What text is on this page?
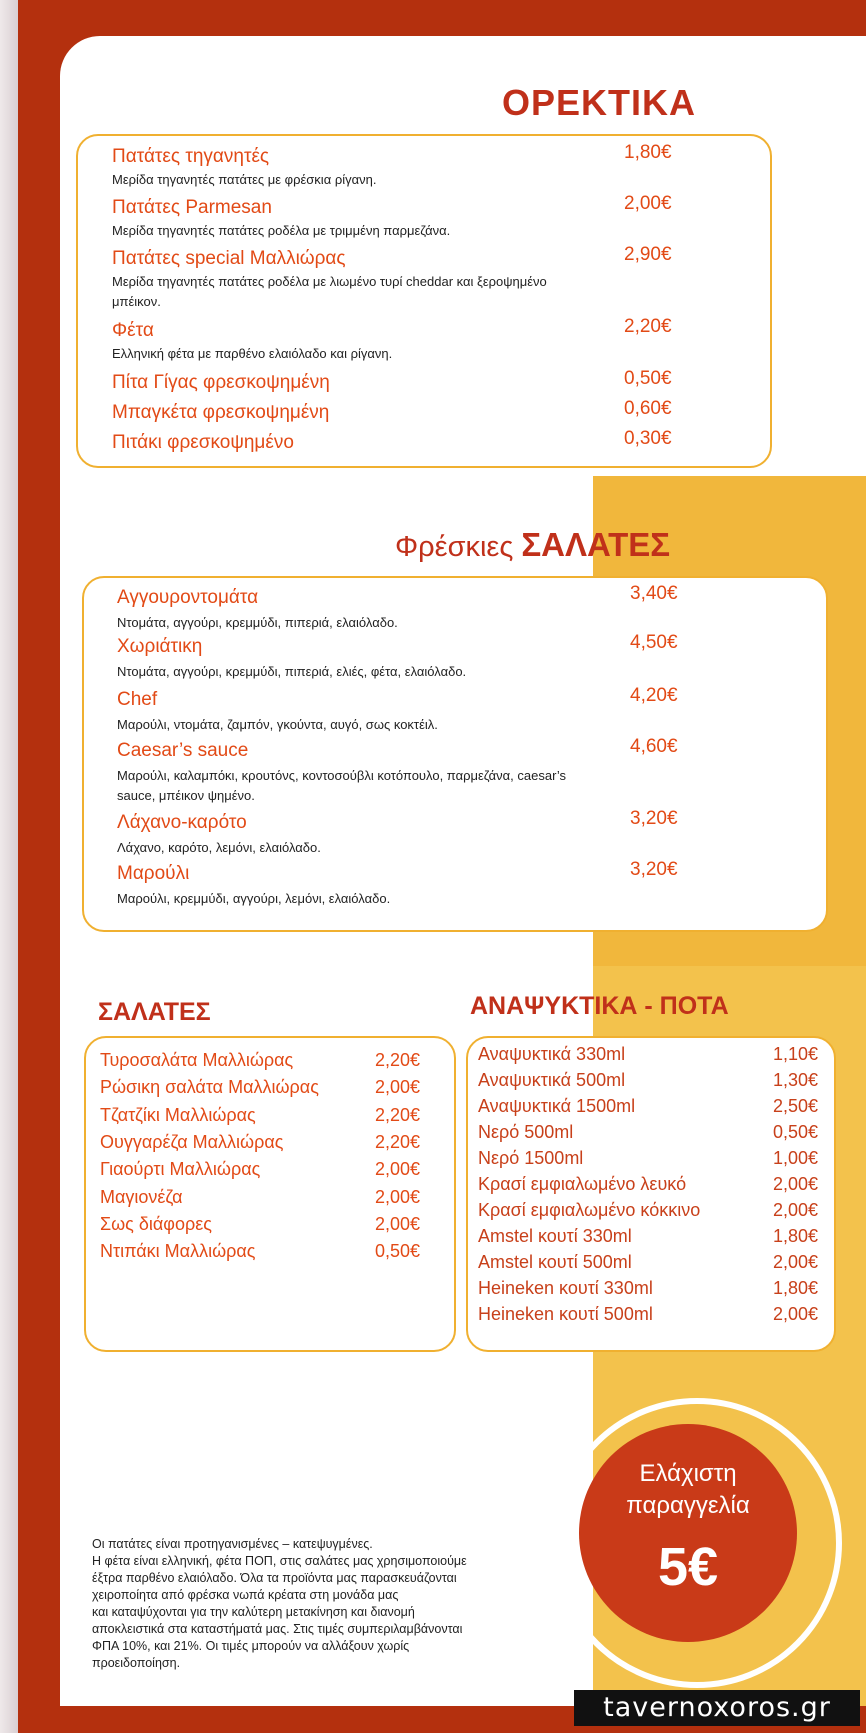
ΟΡΕΚΤΙΚΑ
Πατάτες τηγανητές	1,80€
Μερίδα τηγανητές πατάτες με φρέσκια ρίγανη.
Πατάτες Parmesan	2,00€
Μερίδα τηγανητές πατάτες ροδέλα με τριμμένη παρμεζάνα.
Πατάτες special Μαλλιώρας	2,90€
Μερίδα τηγανητές πατάτες ροδέλα με λιωμένο τυρί cheddar και ξεροψημένο μπέικον.
Φέτα	2,20€
Ελληνική φέτα με παρθένο ελαιόλαδο και ρίγανη.
Πίτα Γίγας φρεσκοψημένη	0,50€
Μπαγκέτα φρεσκοψημένη	0,60€
Πιτάκι φρεσκοψημένο	0,30€
Φρέσκιες ΣΑΛΑΤΕΣ
Αγγουροντομάτα	3,40€
Ντομάτα, αγγούρι, κρεμμύδι, πιπεριά, ελαιόλαδο.
Χωριάτικη	4,50€
Ντομάτα, αγγούρι, κρεμμύδι, πιπεριά, ελιές, φέτα, ελαιόλαδο.
Chef	4,20€
Μαρούλι, ντομάτα, ζαμπόν, γκούντα, αυγό, σως κοκτέιλ.
Caesar’s sauce	4,60€
Μαρούλι, καλαμπόκι, κρουτόνς, κοντοσούβλι κοτόπουλο, παρμεζάνα, caesar’s sauce, μπέικον ψημένο.
Λάχανο-καρότο	3,20€
Λάχανο, καρότο, λεμόνι, ελαιόλαδο.
Μαρούλι	3,20€
Μαρούλι, κρεμμύδι, αγγούρι, λεμόνι, ελαιόλαδο.
ΣΑΛΑΤΕΣ
Τυροσαλάτα Μαλλιώρας	2,20€
Ρώσικη σαλάτα Μαλλιώρας	2,00€
Τζατζίκι Μαλλιώρας	2,20€
Ουγγαρέζα Μαλλιώρας	2,20€
Γιαούρτι Μαλλιώρας	2,00€
Μαγιονέζα	2,00€
Σως διάφορες	2,00€
Ντιπάκι Μαλλιώρας	0,50€
ΑΝΑΨΥΚΤΙΚΑ - ΠΟΤΑ
Αναψυκτικά 330ml	1,10€
Αναψυκτικά 500ml	1,30€
Αναψυκτικά 1500ml	2,50€
Νερό 500ml	0,50€
Νερό 1500ml	1,00€
Κρασί εμφιαλωμένο λευκό	2,00€
Κρασί εμφιαλωμένο κόκκινο	2,00€
Amstel κουτί 330ml	1,80€
Amstel κουτί 500ml	2,00€
Heineken κουτί 330ml	1,80€
Heineken κουτί 500ml	2,00€
Ελάχιστη
παραγγελία
5€
Οι πατάτες είναι προτηγανισμένες – κατεψυγμένες.
Η φέτα είναι ελληνική, φέτα ΠΟΠ, στις σαλάτες μας χρησιμοποιούμε
έξτρα παρθένο ελαιόλαδο. Όλα τα προϊόντα μας παρασκευάζονται
χειροποίητα από φρέσκα νωπά κρέατα στη μονάδα μας
και καταψύχονται για την καλύτερη μετακίνηση και διανομή
αποκλειστικά στα καταστήματά μας. Στις τιμές συμπεριλαμβάνονται
ΦΠΑ 10%, και 21%. Οι τιμές μπορούν να αλλάξουν χωρίς
προειδοποίηση.
tavernoxoros.gr
